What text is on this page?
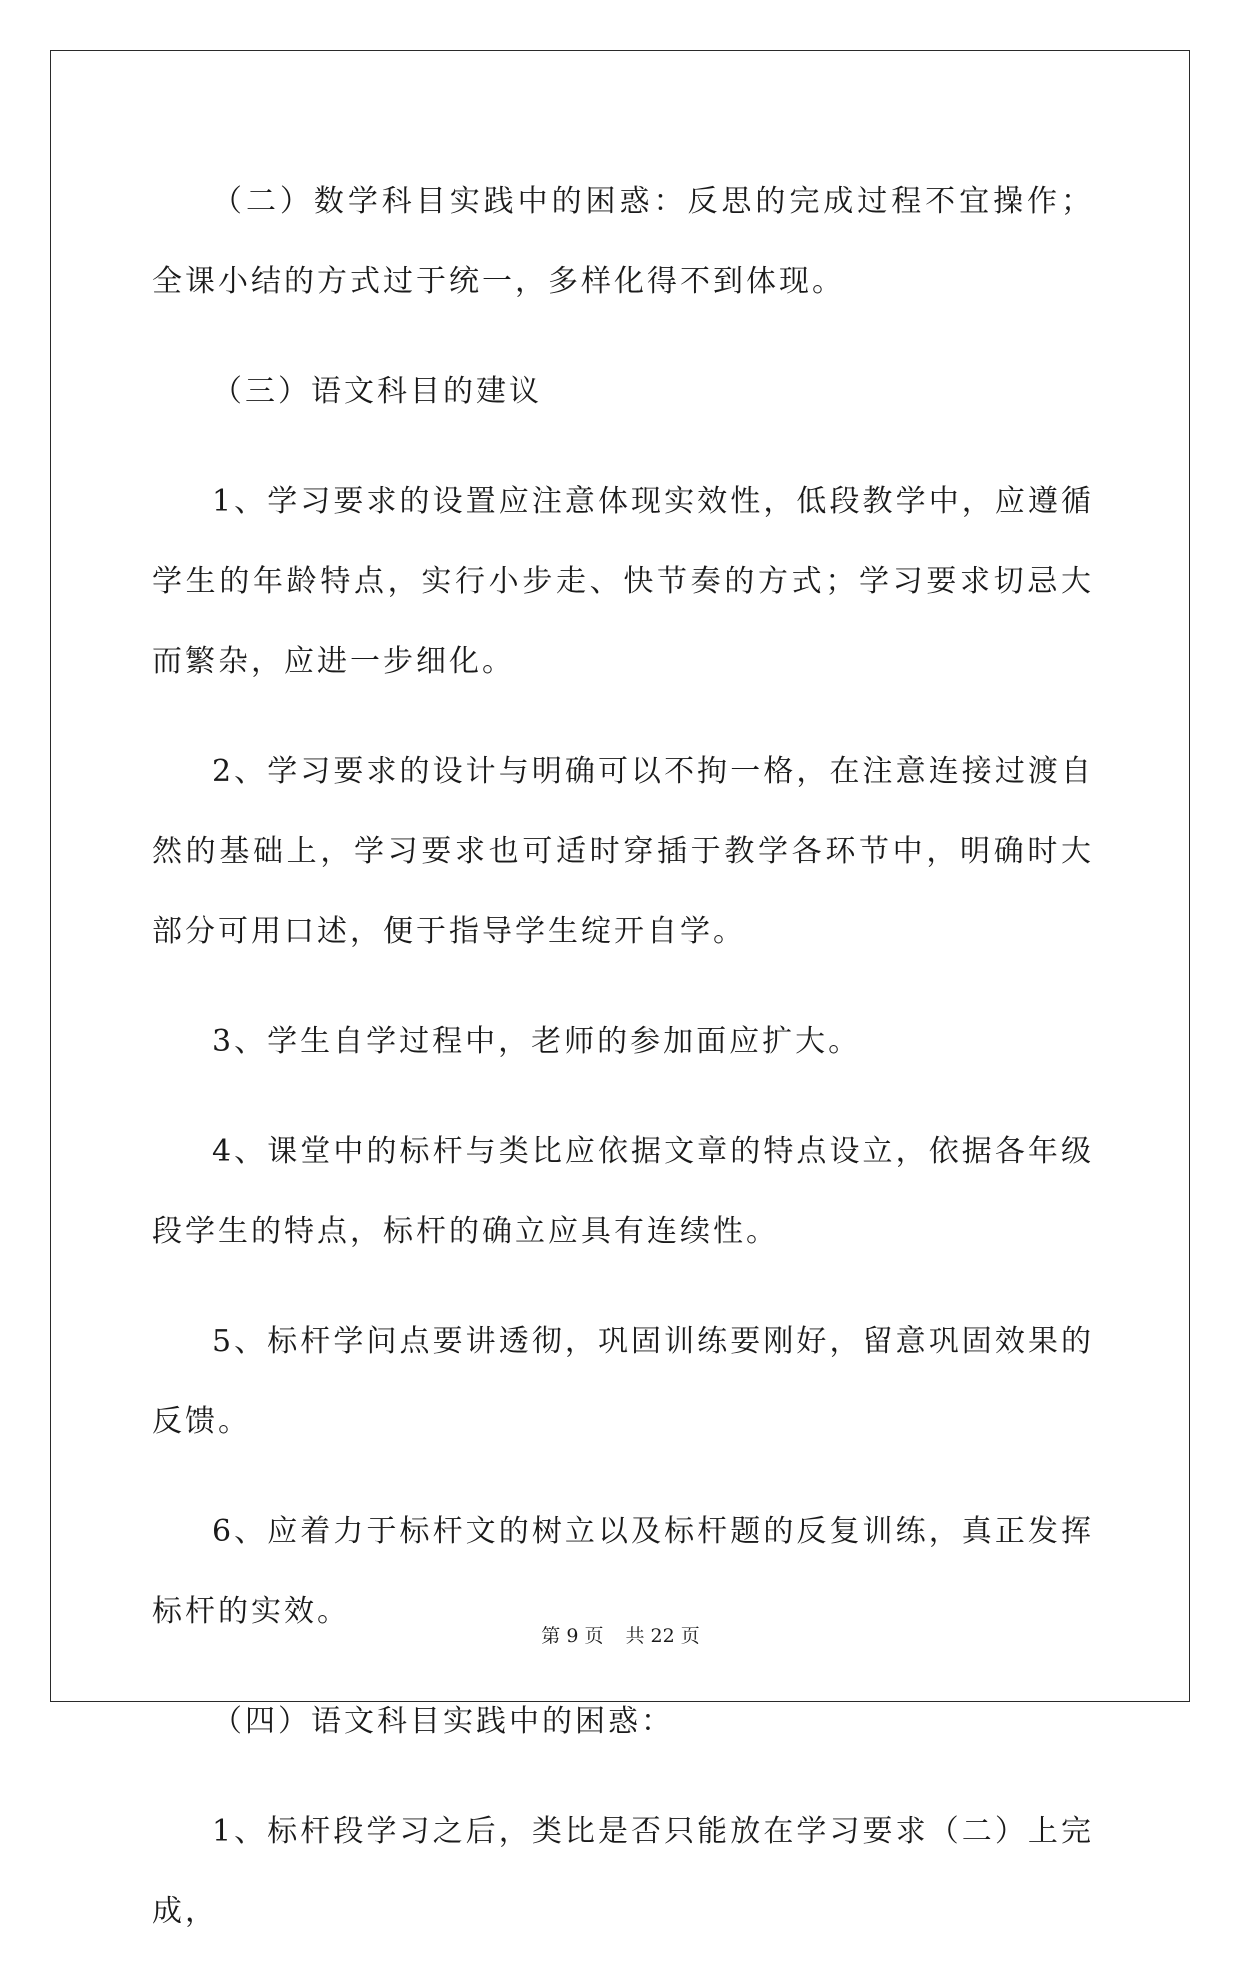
（二）数学科目实践中的困惑：反思的完成过程不宜操作；全课小结的方式过于统一，多样化得不到体现。

（三）语文科目的建议

1、学习要求的设置应注意体现实效性，低段教学中，应遵循学生的年龄特点，实行小步走、快节奏的方式；学习要求切忌大而繁杂，应进一步细化。

2、学习要求的设计与明确可以不拘一格，在注意连接过渡自然的基础上，学习要求也可适时穿插于教学各环节中，明确时大部分可用口述，便于指导学生绽开自学。

3、学生自学过程中，老师的参加面应扩大。

4、课堂中的标杆与类比应依据文章的特点设立，依据各年级段学生的特点，标杆的确立应具有连续性。

5、标杆学问点要讲透彻，巩固训练要刚好，留意巩固效果的反馈。

6、应着力于标杆文的树立以及标杆题的反复训练，真正发挥标杆的实效。

（四）语文科目实践中的困惑：

1、标杆段学习之后，类比是否只能放在学习要求（二）上完成，

第 9 页 共 22 页
